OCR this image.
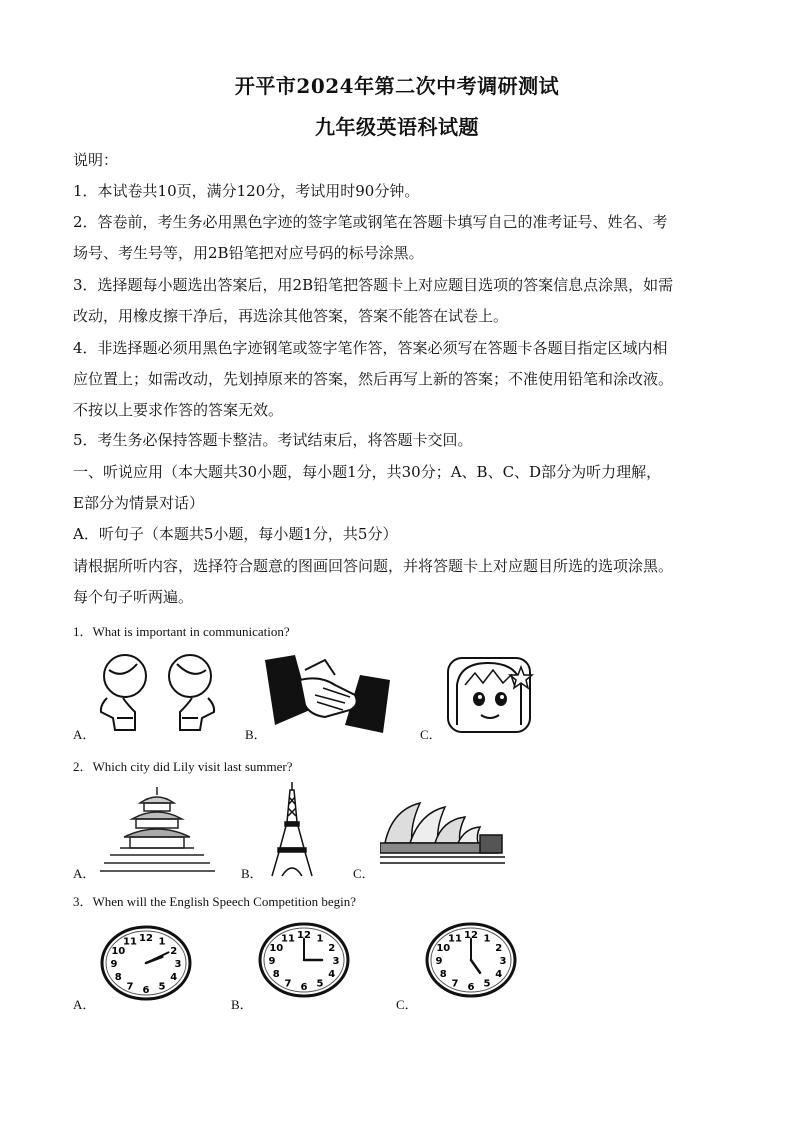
开平市2024年第二次中考调研测试
九年级英语科试题
说明：
1．本试卷共10页，满分120分，考试用时90分钟。
2．答卷前，考生务必用黑色字迹的签字笔或钢笔在答题卡填写自己的准考证号、姓名、考
场号、考生号等，用2B铅笔把对应号码的标号涂黑。
3．选择题每小题选出答案后，用2B铅笔把答题卡上对应题目选项的答案信息点涂黑，如需
改动，用橡皮擦干净后，再选涂其他答案，答案不能答在试卷上。
4．非选择题必须用黑色字迹钢笔或签字笔作答，答案必须写在答题卡各题目指定区域内相
应位置上；如需改动，先划掉原来的答案，然后再写上新的答案；不准使用铅笔和涂改液。
不按以上要求作答的答案无效。
5．考生务必保持答题卡整洁。考试结束后，将答题卡交回。
一、听说应用（本大题共30小题，每小题1分，共30分；A、B、C、D部分为听力理解，
E部分为情景对话）
A．听句子（本题共5小题，每小题1分，共5分）
请根据所听内容，选择符合题意的图画回答问题，并将答题卡上对应题目所选的选项涂黑。
每个句子听两遍。
1．What is important in communication?
A．	B．	C．
2．Which city did Lily visit last summer?
A．	B．	C．
3．When will the English Speech Competition begin?
A．	B．	C．
12 1
2
3
4
5
6
7
8
9
10
11
12 1
2
3
4
5
6
7
8
9
10
11	12 1
2
3
4
5
6
7
8
9
10
11
